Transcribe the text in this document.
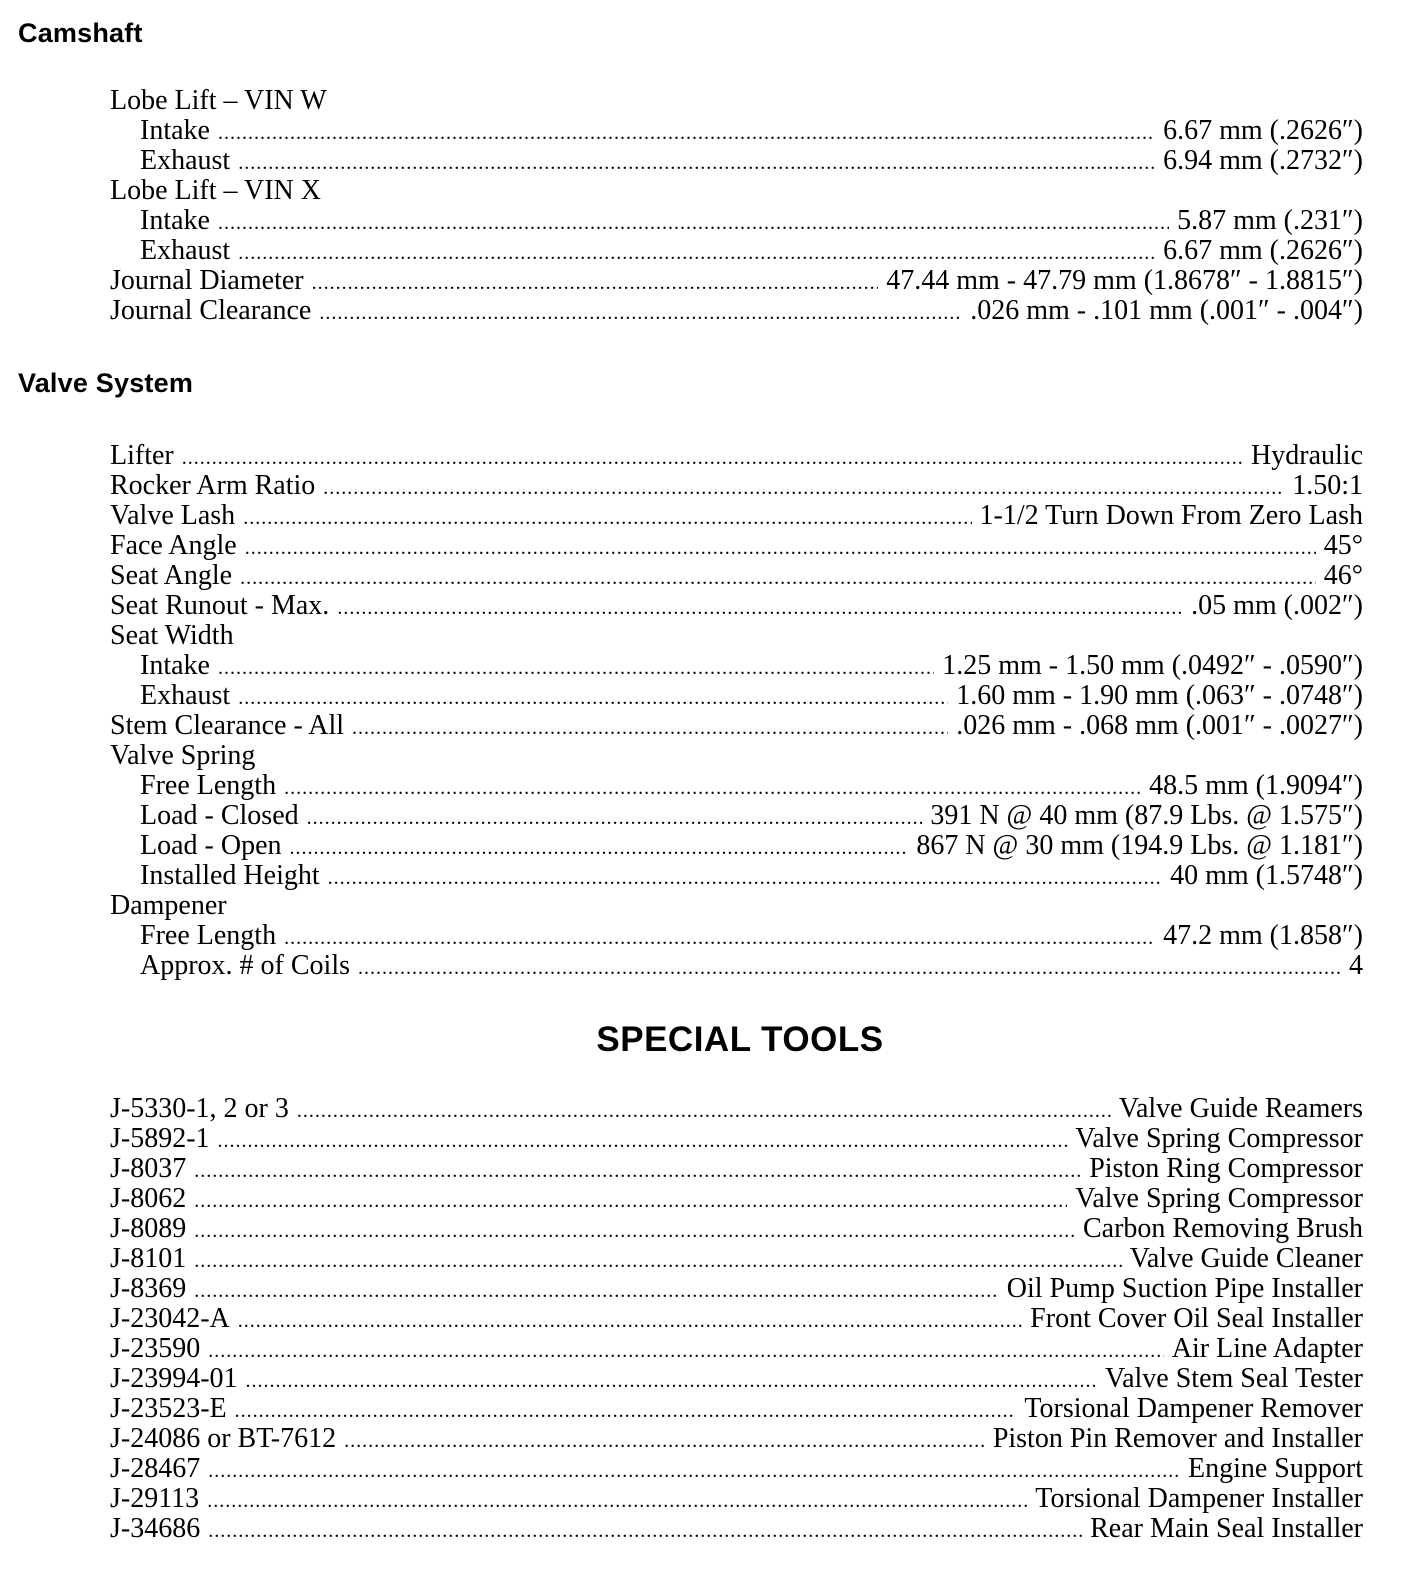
Camshaft
Lobe Lift – VIN W
Intake .....	6.67 mm (.2626″)
Exhaust .....	6.94 mm (.2732″)
Lobe Lift – VIN X
Intake .....	5.87 mm (.231″)
Exhaust .....	6.67 mm (.2626″)
Journal Diameter .....	47.44 mm - 47.79 mm (1.8678″ - 1.8815″)
Journal Clearance .....	.026 mm - .101 mm (.001″ - .004″)
Valve System
Lifter .....	Hydraulic
Rocker Arm Ratio .....	1.50:1
Valve Lash .....	1-1/2 Turn Down From Zero Lash
Face Angle .....	45°
Seat Angle .....	46°
Seat Runout - Max. .....	.05 mm (.002″)
Seat Width
Intake .....	1.25 mm - 1.50 mm (.0492″ - .0590″)
Exhaust .....	1.60 mm - 1.90 mm (.063″ - .0748″)
Stem Clearance - All .....	.026 mm - .068 mm (.001″ - .0027″)
Valve Spring
Free Length .....	48.5 mm (1.9094″)
Load - Closed .....	391 N @ 40 mm (87.9 Lbs. @ 1.575″)
Load - Open .....	867 N @ 30 mm (194.9 Lbs. @ 1.181″)
Installed Height .....	40 mm (1.5748″)
Dampener
Free Length .....	47.2 mm (1.858″)
Approx. # of Coils .....	4
SPECIAL TOOLS
J-5330-1, 2 or 3 .....	Valve Guide Reamers
J-5892-1 .....	Valve Spring Compressor
J-8037 .....	Piston Ring Compressor
J-8062 .....	Valve Spring Compressor
J-8089 .....	Carbon Removing Brush
J-8101 .....	Valve Guide Cleaner
J-8369 .....	Oil Pump Suction Pipe Installer
J-23042-A .....	Front Cover Oil Seal Installer
J-23590 .....	Air Line Adapter
J-23994-01 .....	Valve Stem Seal Tester
J-23523-E .....	Torsional Dampener Remover
J-24086 or BT-7612 .....	Piston Pin Remover and Installer
J-28467 .....	Engine Support
J-29113 .....	Torsional Dampener Installer
J-34686 .....	Rear Main Seal Installer
